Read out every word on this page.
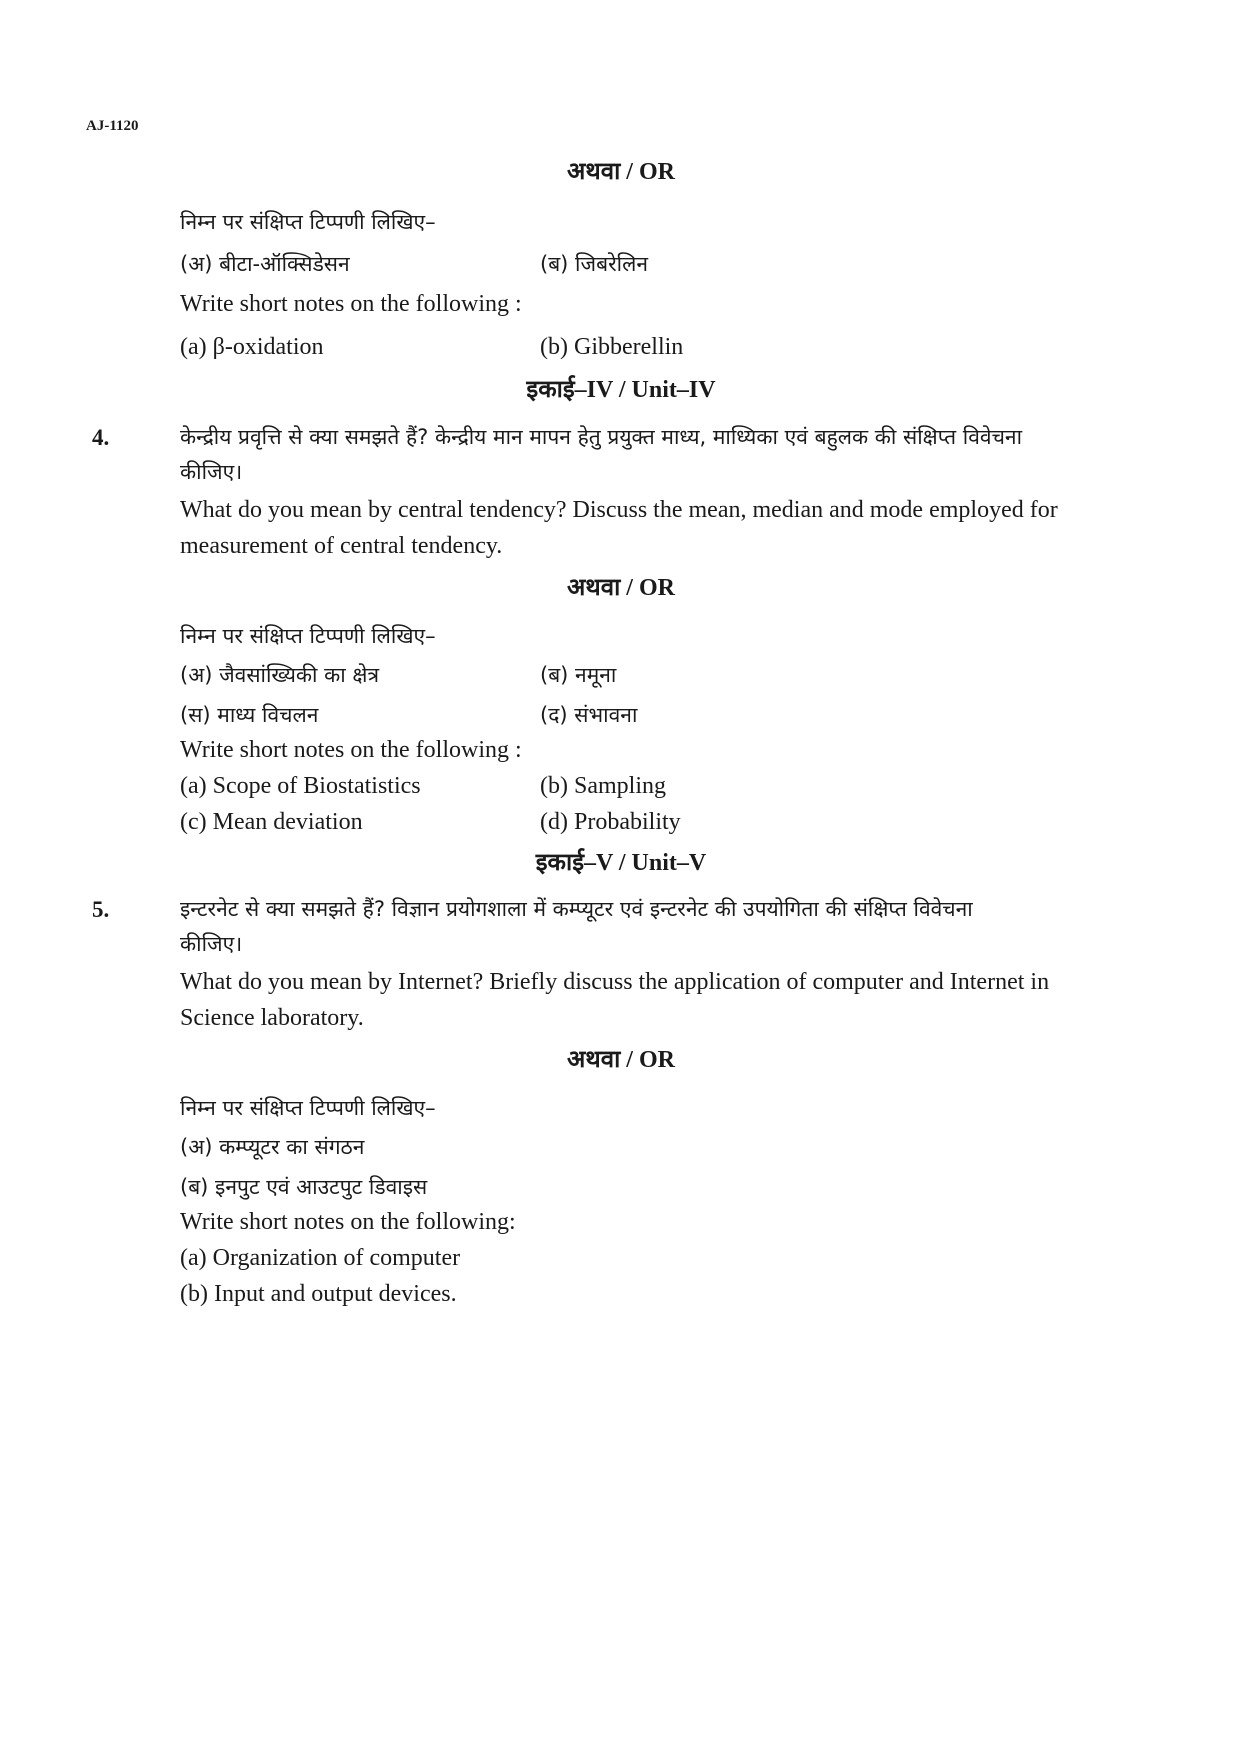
AJ-1120
अथवा / OR
निम्न पर संक्षिप्त टिप्पणी लिखिए–
(अ) बीटा-ऑक्सिडेसन	(ब) जिबरेलिन
Write short notes on the following :
(a) β-oxidation	(b) Gibberellin
इकाई–IV / Unit–IV
4.	केन्द्रीय प्रवृत्ति से क्या समझते हैं? केन्द्रीय मान मापन हेतु प्रयुक्त माध्य, माध्यिका एवं बहुलक की संक्षिप्त विवेचना
कीजिए।
What do you mean by central tendency? Discuss the mean, median and mode employed for
measurement of central tendency.
अथवा / OR
निम्न पर संक्षिप्त टिप्पणी लिखिए–
(अ) जैवसांख्यिकी का क्षेत्र	(ब) नमूना
(स) माध्य विचलन	(द) संभावना
Write short notes on the following :
(a) Scope of Biostatistics	(b) Sampling
(c) Mean deviation	(d) Probability
इकाई–V / Unit–V
5.	इन्टरनेट से क्या समझते हैं? विज्ञान प्रयोगशाला में कम्प्यूटर एवं इन्टरनेट की उपयोगिता की संक्षिप्त विवेचना
कीजिए।
What do you mean by Internet? Briefly discuss the application of computer and Internet in
Science laboratory.
अथवा / OR
निम्न पर संक्षिप्त टिप्पणी लिखिए–
(अ) कम्प्यूटर का संगठन
(ब) इनपुट एवं आउटपुट डिवाइस
Write short notes on the following:
(a) Organization of computer
(b) Input and output devices.
